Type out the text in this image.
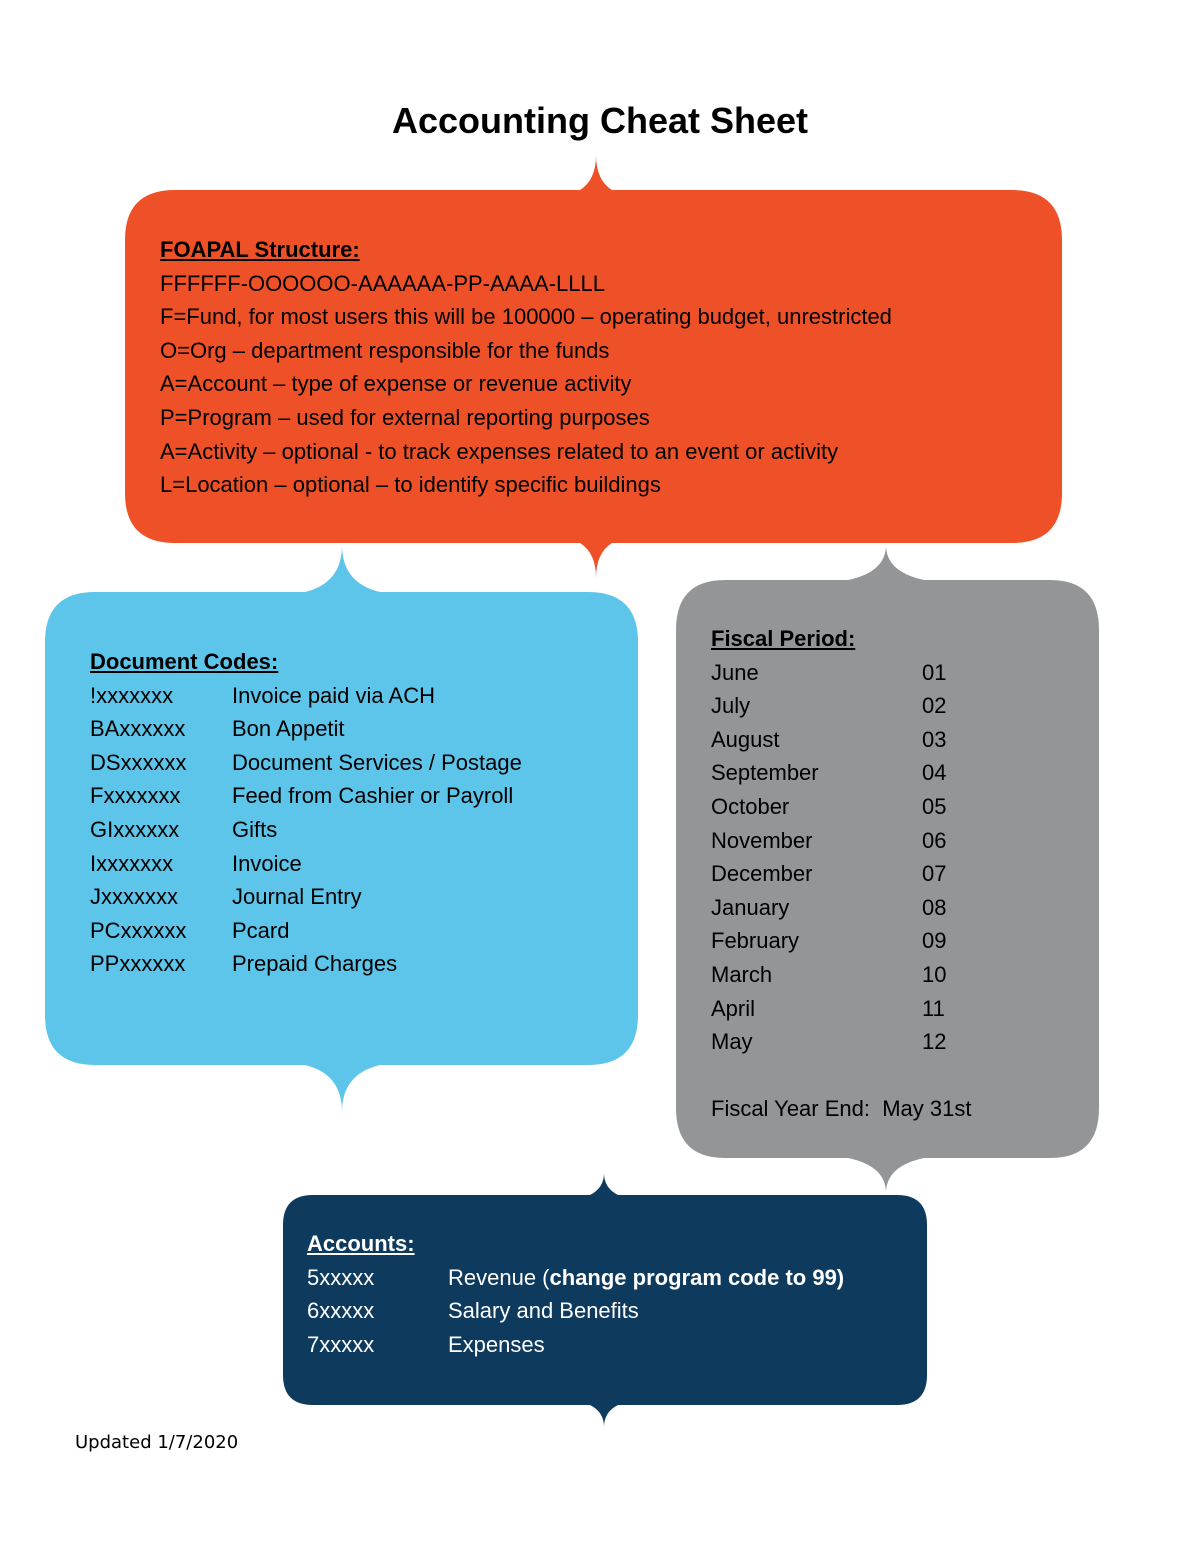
Accounting Cheat Sheet
FOAPAL Structure:
FFFFFF-OOOOOO-AAAAAA-PP-AAAA-LLLL
F=Fund, for most users this will be 100000 – operating budget, unrestricted
O=Org – department responsible for the funds
A=Account – type of expense or revenue activity
P=Program – used for external reporting purposes
A=Activity – optional - to track expenses related to an event or activity
L=Location – optional – to identify specific buildings
Document Codes:
!xxxxxxx	Invoice paid via ACH
BAxxxxxx	Bon Appetit
DSxxxxxx	Document Services / Postage
Fxxxxxxx	Feed from Cashier or Payroll
GIxxxxxx	Gifts
Ixxxxxxx	Invoice
Jxxxxxxx	Journal Entry
PCxxxxxx	Pcard
PPxxxxxx	Prepaid Charges
Fiscal Period:
June	01
July	02
August	03
September	04
October	05
November	06
December	07
January	08
February	09
March	10
April	11
May	12
Fiscal Year End: May 31st
Accounts:
5xxxxx	Revenue (change program code to 99)
6xxxxx	Salary and Benefits
7xxxxx	Expenses
Updated 1/7/2020
